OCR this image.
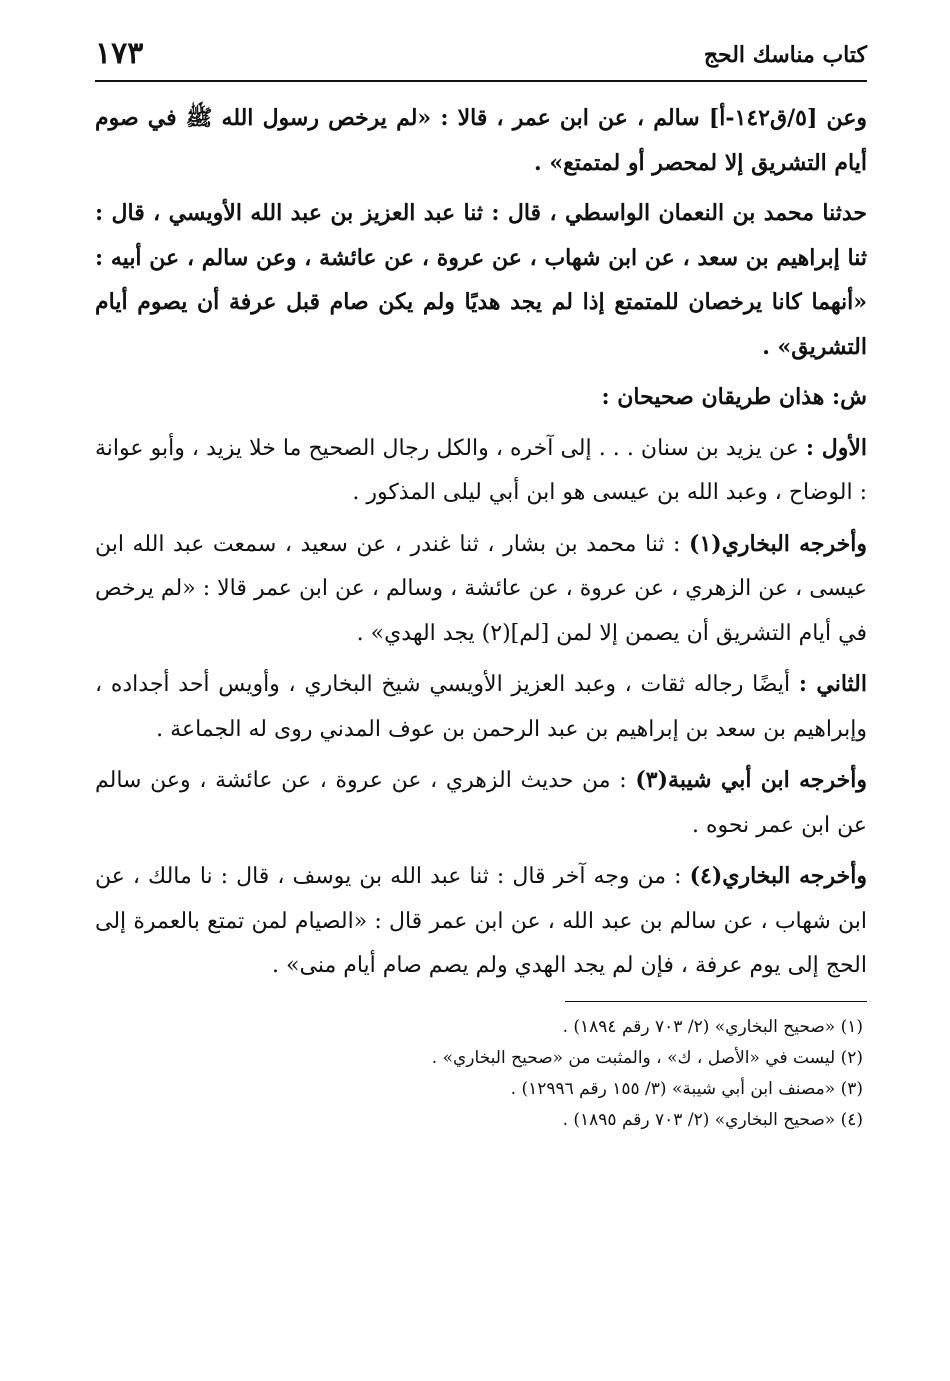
كتاب مناسك الحج
١٧٣

وعن [٥/ق١٤٢-أ] سالم ، عن ابن عمر ، قالا : «لم يرخص رسول الله ﷺ في صوم أيام التشريق إلا لمحصر أو لمتمتع» .

حدثنا محمد بن النعمان الواسطي ، قال : ثنا عبد العزيز بن عبد الله الأويسي ، قال : ثنا إبراهيم بن سعد ، عن ابن شهاب ، عن عروة ، عن عائشة ، وعن سالم ، عن أبيه : «أنهما كانا يرخصان للمتمتع إذا لم يجد هديًا ولم يكن صام قبل عرفة أن يصوم أيام التشريق» .

ش: هذان طريقان صحيحان :

الأول : عن يزيد بن سنان . . . إلى آخره ، والكل رجال الصحيح ما خلا يزيد ، وأبو عوانة : الوضاح ، وعبد الله بن عيسى هو ابن أبي ليلى المذكور .

وأخرجه البخاري(١) : ثنا محمد بن بشار ، ثنا غندر ، عن سعيد ، سمعت عبد الله ابن عيسى ، عن الزهري ، عن عروة ، عن عائشة ، وسالم ، عن ابن عمر قالا : «لم يرخص في أيام التشريق أن يصمن إلا لمن [لم](٢) يجد الهدي» .

الثاني : أيضًا رجاله ثقات ، وعبد العزيز الأويسي شيخ البخاري ، وأويس أحد أجداده ، وإبراهيم بن سعد بن إبراهيم بن عبد الرحمن بن عوف المدني روى له الجماعة .

وأخرجه ابن أبي شيبة(٣) : من حديث الزهري ، عن عروة ، عن عائشة ، وعن سالم عن ابن عمر نحوه .

وأخرجه البخاري(٤) : من وجه آخر قال : ثنا عبد الله بن يوسف ، قال : نا مالك ، عن ابن شهاب ، عن سالم بن عبد الله ، عن ابن عمر قال : «الصيام لمن تمتع بالعمرة إلى الحج إلى يوم عرفة ، فإن لم يجد الهدي ولم يصم صام أيام منى» .

(١) «صحيح البخاري» (٢/ ٧٠٣ رقم ١٨٩٤) .

(٢) ليست في «الأصل ، ك» ، والمثبت من «صحيح البخاري» .

(٣) «مصنف ابن أبي شيبة» (٣/ ١٥٥ رقم ١٢٩٩٦) .

(٤) «صحيح البخاري» (٢/ ٧٠٣ رقم ١٨٩٥) .
